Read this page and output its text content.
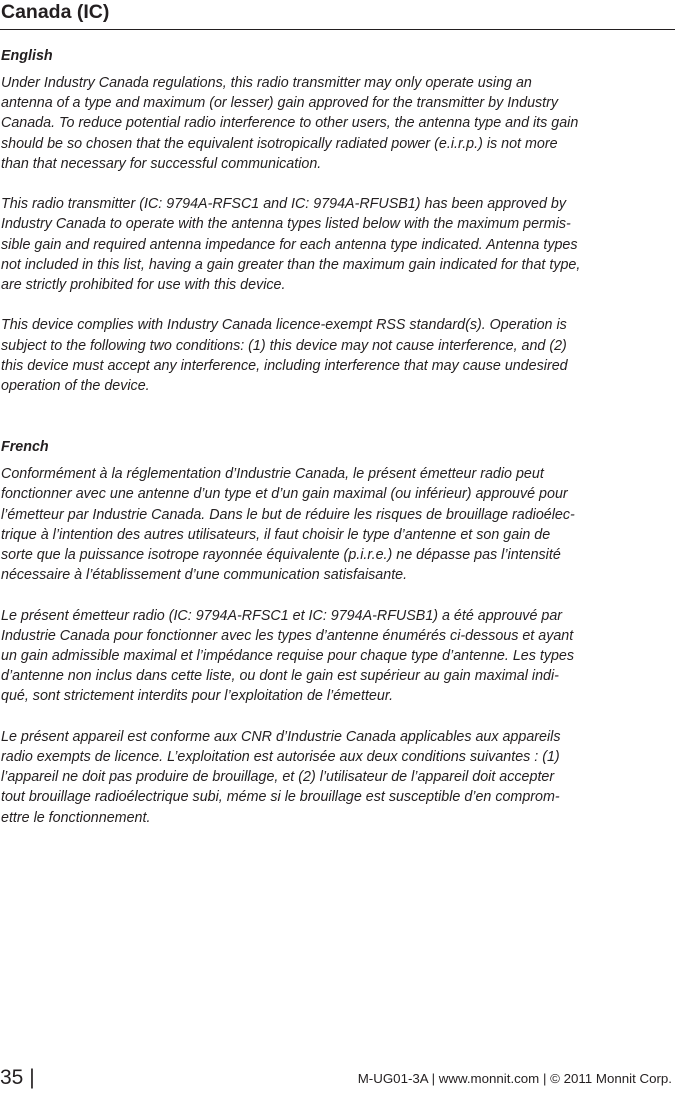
Canada (IC)
English

Under Industry Canada regulations, this radio transmitter may only operate using an
antenna of a type and maximum (or lesser) gain approved for the transmitter by Industry
Canada. To reduce potential radio interference to other users, the antenna type and its gain
should be so chosen that the equivalent isotropically radiated power (e.i.r.p.) is not more
than that necessary for successful communication.

This radio transmitter (IC: 9794A-RFSC1 and IC: 9794A-RFUSB1) has been approved by
Industry Canada to operate with the antenna types listed below with the maximum permis-
sible gain and required antenna impedance for each antenna type indicated. Antenna types
not included in this list, having a gain greater than the maximum gain indicated for that type,
are strictly prohibited for use with this device.

This device complies with Industry Canada licence-exempt RSS standard(s). Operation is
subject to the following two conditions: (1) this device may not cause interference, and (2)
this device must accept any interference, including interference that may cause undesired
operation of the device.

French

Conformément à la réglementation d’Industrie Canada, le présent émetteur radio peut
fonctionner avec une antenne d’un type et d’un gain maximal (ou inférieur) approuvé pour
l’émetteur par Industrie Canada. Dans le but de réduire les risques de brouillage radioélec-
trique à l’intention des autres utilisateurs, il faut choisir le type d’antenne et son gain de
sorte que la puissance isotrope rayonnée équivalente (p.i.r.e.) ne dépasse pas l’intensité
nécessaire à l’établissement d’une communication satisfaisante.

Le présent émetteur radio (IC: 9794A-RFSC1 et IC: 9794A-RFUSB1) a été approuvé par
Industrie Canada pour fonctionner avec les types d’antenne énumérés ci-dessous et ayant
un gain admissible maximal et l’impédance requise pour chaque type d’antenne. Les types
d’antenne non inclus dans cette liste, ou dont le gain est supérieur au gain maximal indi-
qué, sont strictement interdits pour l’exploitation de l’émetteur.

Le présent appareil est conforme aux CNR d’Industrie Canada applicables aux appareils
radio exempts de licence. L’exploitation est autorisée aux deux conditions suivantes : (1)
l’appareil ne doit pas produire de brouillage, et (2) l’utilisateur de l’appareil doit accepter
tout brouillage radioélectrique subi, méme si le brouillage est susceptible d’en comprom-
ettre le fonctionnement.

35 |	M-UG01-3A | www.monnit.com | © 2011 Monnit Corp.
